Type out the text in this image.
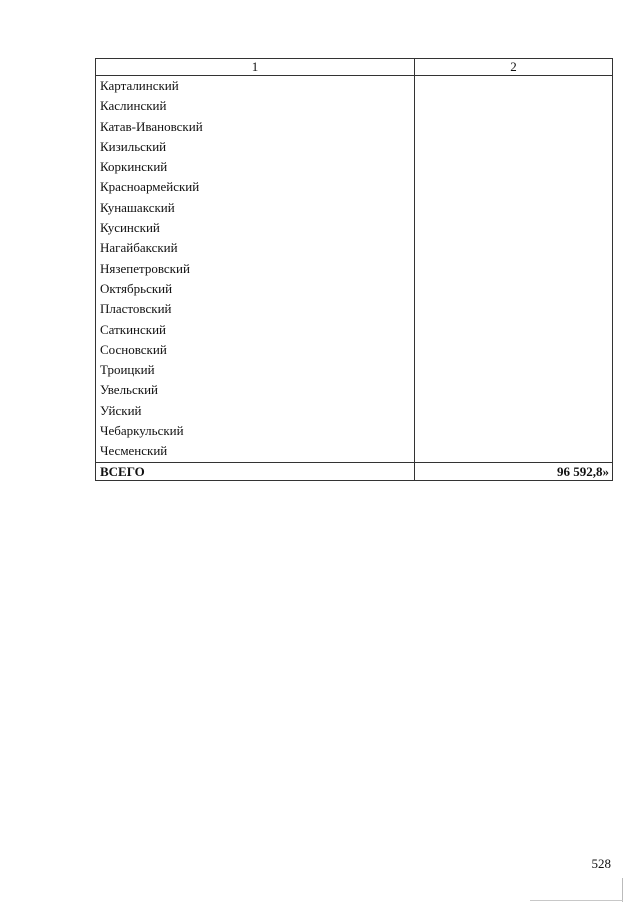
1	2
Карталинский	
Каслинский	
Катав-Ивановский	
Кизильский	
Коркинский	
Красноармейский	
Кунашакский	
Кусинский	
Нагайбакский	
Нязепетровский	
Октябрьский	
Пластовский	
Саткинский	
Сосновский	
Троицкий	
Увельский	
Уйский	
Чебаркульский	
Чесменский	
ВСЕГО	96 592,8»
528
